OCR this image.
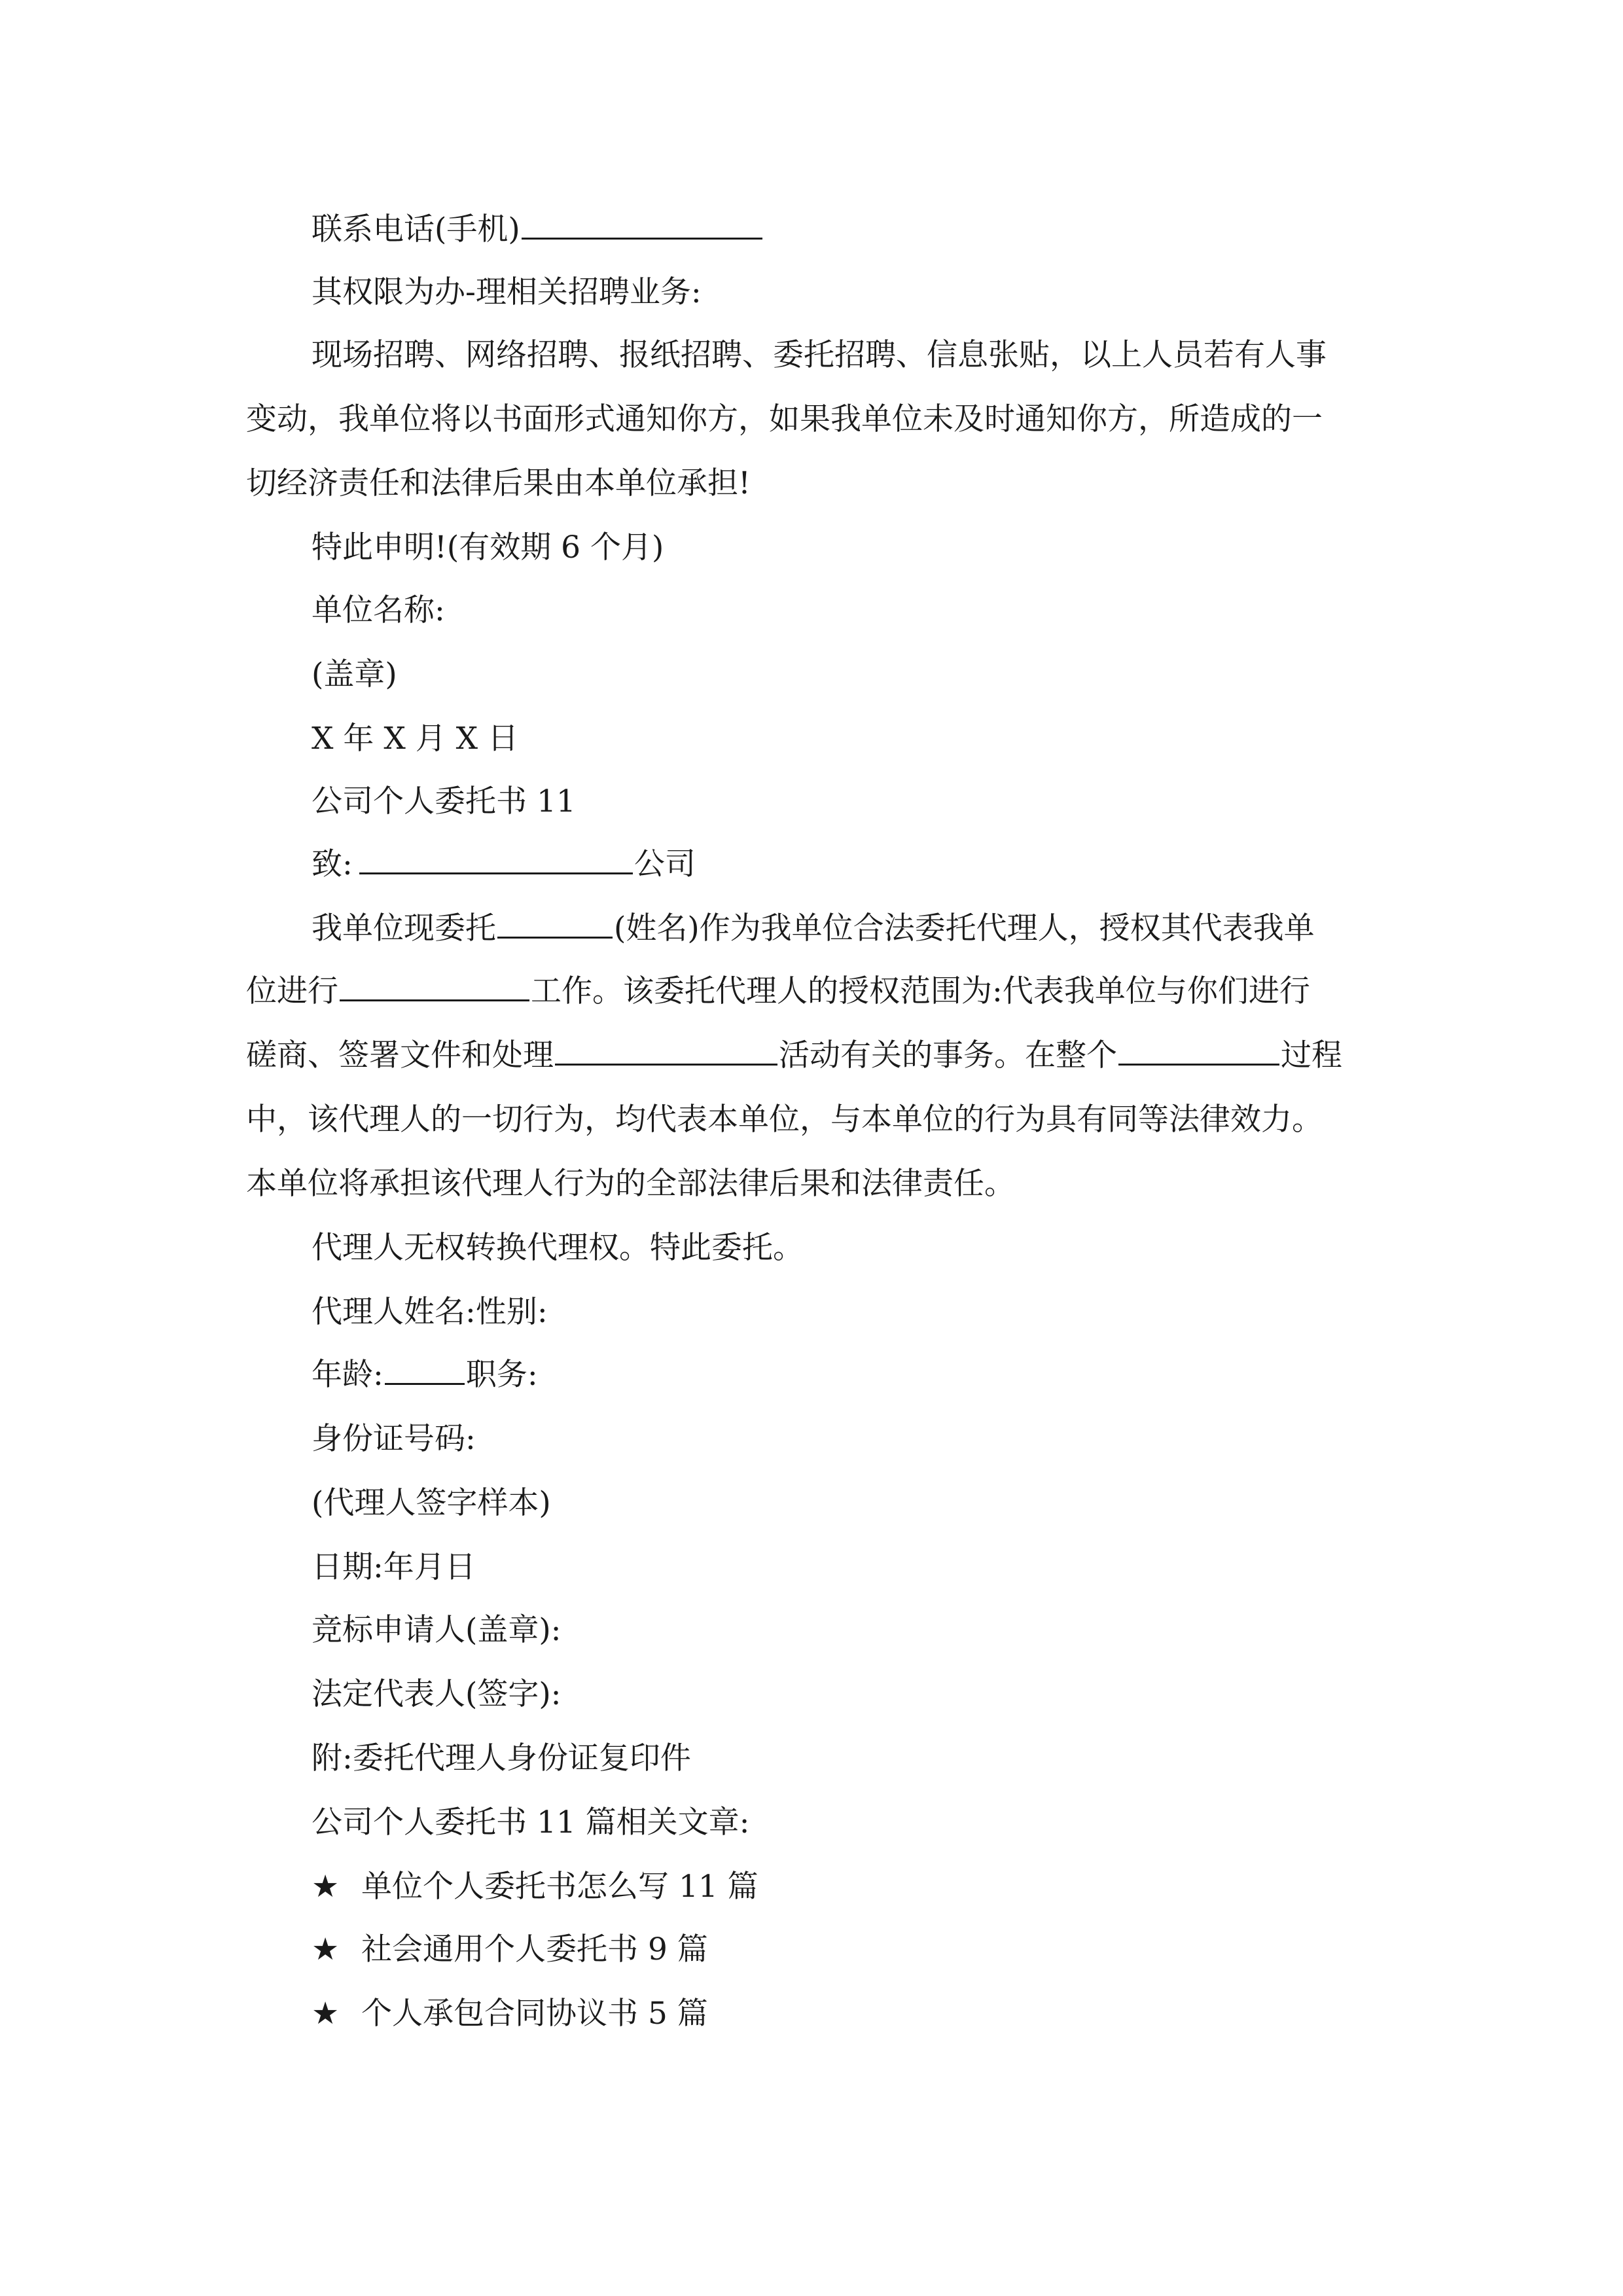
联系电话(手机)
其权限为办-理相关招聘业务:
现场招聘、网络招聘、报纸招聘、委托招聘、信息张贴，以上人员若有人事
变动，我单位将以书面形式通知你方，如果我单位未及时通知你方，所造成的一
切经济责任和法律后果由本单位承担!
特此申明!(有效期 6 个月)
单位名称:
(盖章)
X 年 X 月 X 日
公司个人委托书 11
致:	公司
我单位现委托	(姓名)作为我单位合法委托代理人，授权其代表我单
位进行	工作。该委托代理人的授权范围为:代表我单位与你们进行
磋商、签署文件和处理	活动有关的事务。在整个	过程
中，该代理人的一切行为，均代表本单位，与本单位的行为具有同等法律效力。
本单位将承担该代理人行为的全部法律后果和法律责任。
代理人无权转换代理权。特此委托。
代理人姓名:性别:
年龄:	职务:
身份证号码:
(代理人签字样本)
日期:年月日
竞标申请人(盖章):
法定代表人(签字):
附:委托代理人身份证复印件
公司个人委托书 11 篇相关文章:
★ 单位个人委托书怎么写 11 篇
★ 社会通用个人委托书 9 篇
★ 个人承包合同协议书 5 篇
